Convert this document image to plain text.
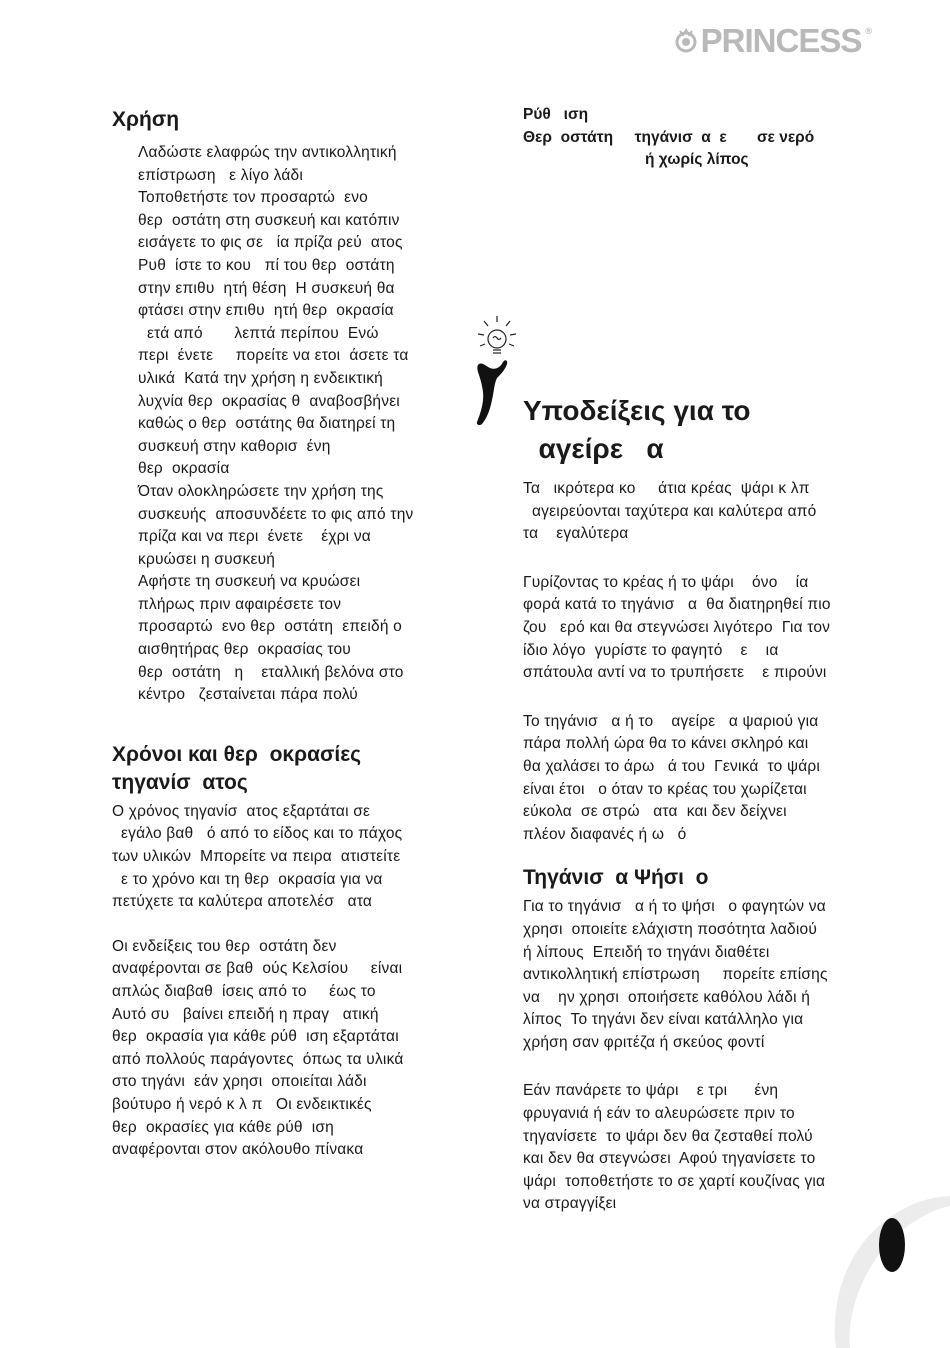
PRINCESS ®
Χρήση
Λαδώστε ελαφρώς την αντικολλητική
επίστρωση   ε λίγο λάδι
Τοποθετήστε τον προσαρτώ  ενο
θερ  οστάτη στη συσκευή και κατόπιν
εισάγετε το φις σε   ία πρίζα ρεύ  ατος
Ρυθ  ίστε το κου   πί του θερ  οστάτη
στην επιθυ  ητή θέση  Η συσκευή θα
φτάσει στην επιθυ  ητή θερ  οκρασία
ετά από       λεπτά περίπου  Ενώ
περι  ένετε     πορείτε να ετοι  άσετε τα
υλικά  Κατά την χρήση η ενδεικτική
λυχνία θερ  οκρασίας θ  αναβοσβήνει
καθώς ο θερ  οστάτης θα διατηρεί τη
συσκευή στην καθορισ  ένη
θερ  οκρασία
Όταν ολοκληρώσετε την χρήση της
συσκευής  αποσυνδέετε το φις από την
πρίζα και να περι  ένετε    έχρι να
κρυώσει η συσκευή
Αφήστε τη συσκευή να κρυώσει
πλήρως πριν αφαιρέσετε τον
προσαρτώ  ενο θερ  οστάτη  επειδή ο
αισθητήρας θερ  οκρασίας του
θερ  οστάτη   η    εταλλική βελόνα στο
κέντρο   ζεσταίνεται πάρα πολύ
Χρόνοι και θερ  οκρασίες
τηγανίσ  ατος
Ο χρόνος τηγανίσ  ατος εξαρτάται σε
εγάλο βαθ   ό από το είδος και το πάχος
των υλικών  Μπορείτε να πειρα  ατιστείτε
ε το χρόνο και τη θερ  οκρασία για να
πετύχετε τα καλύτερα αποτελέσ   ατα
Οι ενδείξεις του θερ  οστάτη δεν
αναφέρονται σε βαθ  ούς Κελσίου     είναι
απλώς διαβαθ  ίσεις από το     έως το
Αυτό συ   βαίνει επειδή η πραγ   ατική
θερ  οκρασία για κάθε ρύθ  ιση εξαρτάται
από πολλούς παράγοντες  όπως τα υλικά
στο τηγάνι  εάν χρησι  οποιείται λάδι
βούτυρο ή νερό κ λ π   Οι ενδεικτικές
θερ  οκρασίες για κάθε ρύθ  ιση
αναφέρονται στον ακόλουθο πίνακα
Ρύθ   ιση
Θερ  οστάτη     τηγάνισ  α  ε       σε νερό
ή χωρίς λίπος
Υποδείξεις για το
αγείρε   α
Τα   ικρότερα κο     άτια κρέας  ψάρι κ λπ
αγειρεύονται ταχύτερα και καλύτερα από
τα    εγαλύτερα
Γυρίζοντας το κρέας ή το ψάρι    όνο    ία
φορά κατά το τηγάνισ   α  θα διατηρηθεί πιο
ζου   ερό και θα στεγνώσει λιγότερο  Για τον
ίδιο λόγο  γυρίστε το φαγητό    ε    ια
σπάτουλα αντί να το τρυπήσετε    ε πιρούνι
Το τηγάνισ   α ή το    αγείρε   α ψαριού για
πάρα πολλή ώρα θα το κάνει σκληρό και
θα χαλάσει το άρω   ά του  Γενικά  το ψάρι
είναι έτοι   ο όταν το κρέας του χωρίζεται
εύκολα  σε στρώ   ατα  και δεν δείχνει
πλέον διαφανές ή ω   ό
Τηγάνισ  α Ψήσι  ο
Για το τηγάνισ   α ή το ψήσι   ο φαγητών να
χρησι  οποιείτε ελάχιστη ποσότητα λαδιού
ή λίπους  Επειδή το τηγάνι διαθέτει
αντικολλητική επίστρωση     πορείτε επίσης
να    ην χρησι  οποιήσετε καθόλου λάδι ή
λίπος  Το τηγάνι δεν είναι κατάλληλο για
χρήση σαν φριτέζα ή σκεύος φοντί
Εάν πανάρετε το ψάρι    ε τρι      ένη
φρυγανιά ή εάν το αλευρώσετε πριν το
τηγανίσετε  το ψάρι δεν θα ζεσταθεί πολύ
και δεν θα στεγνώσει  Αφού τηγανίσετε το
ψάρι  τοποθετήστε το σε χαρτί κουζίνας για
να στραγγίξει
